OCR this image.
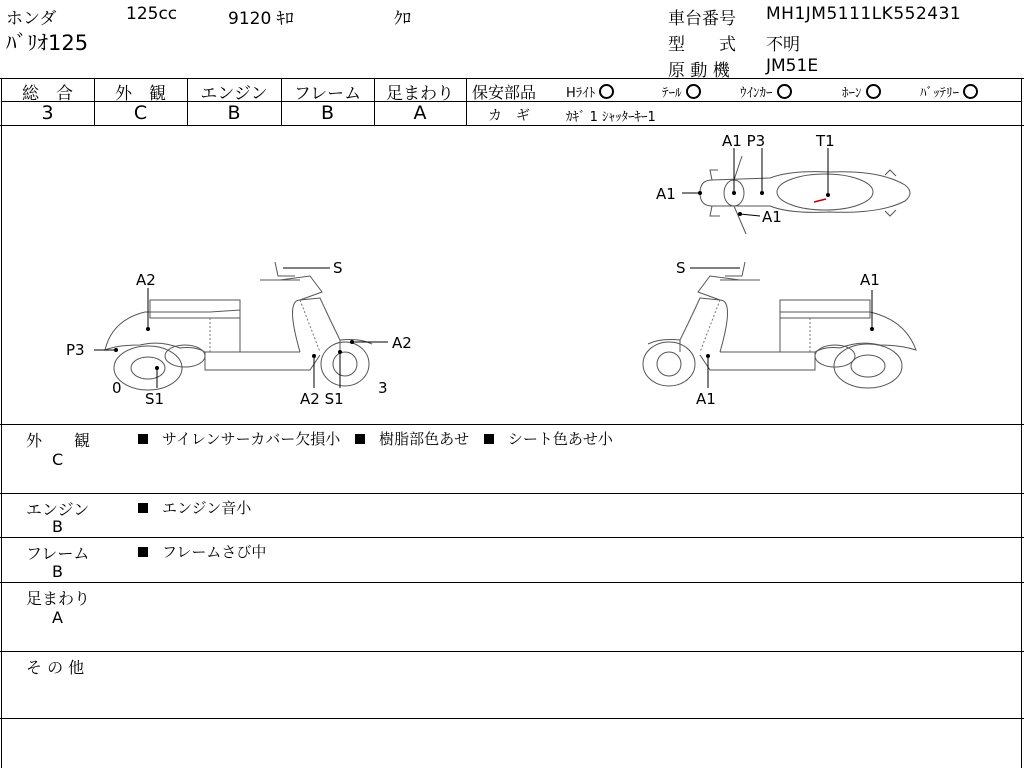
ホンダ	125cc	9120 ｷﾛ	ｸﾛ
ﾊﾞﾘｵ125
車台番号 MH1JM5111LK552431
型　　式 不明
原 動 機 JM51E
総　合	外　観	エンジン	フレーム	足まわり
3	C	B	B	A
保安部品 Hﾗｲﾄ	ﾃｰﾙ	ｳｲﾝｶｰ	ﾎｰﾝ	ﾊﾞｯﾃﾘｰ
カ　ギ	ｶｷﾞ 1 ｼｬｯﾀｰｷｰ1
A2
S
P3	A2
0
S1	A2 S1
3
S
A1
A1
A1 P3	T1
A1
A1
外　　観
C
サイレンサーカバー欠損小	樹脂部色あせ	シート色あせ小
エンジン
B
エンジン音小
フレーム
B
フレームさび中
足まわり
A
そ の 他
